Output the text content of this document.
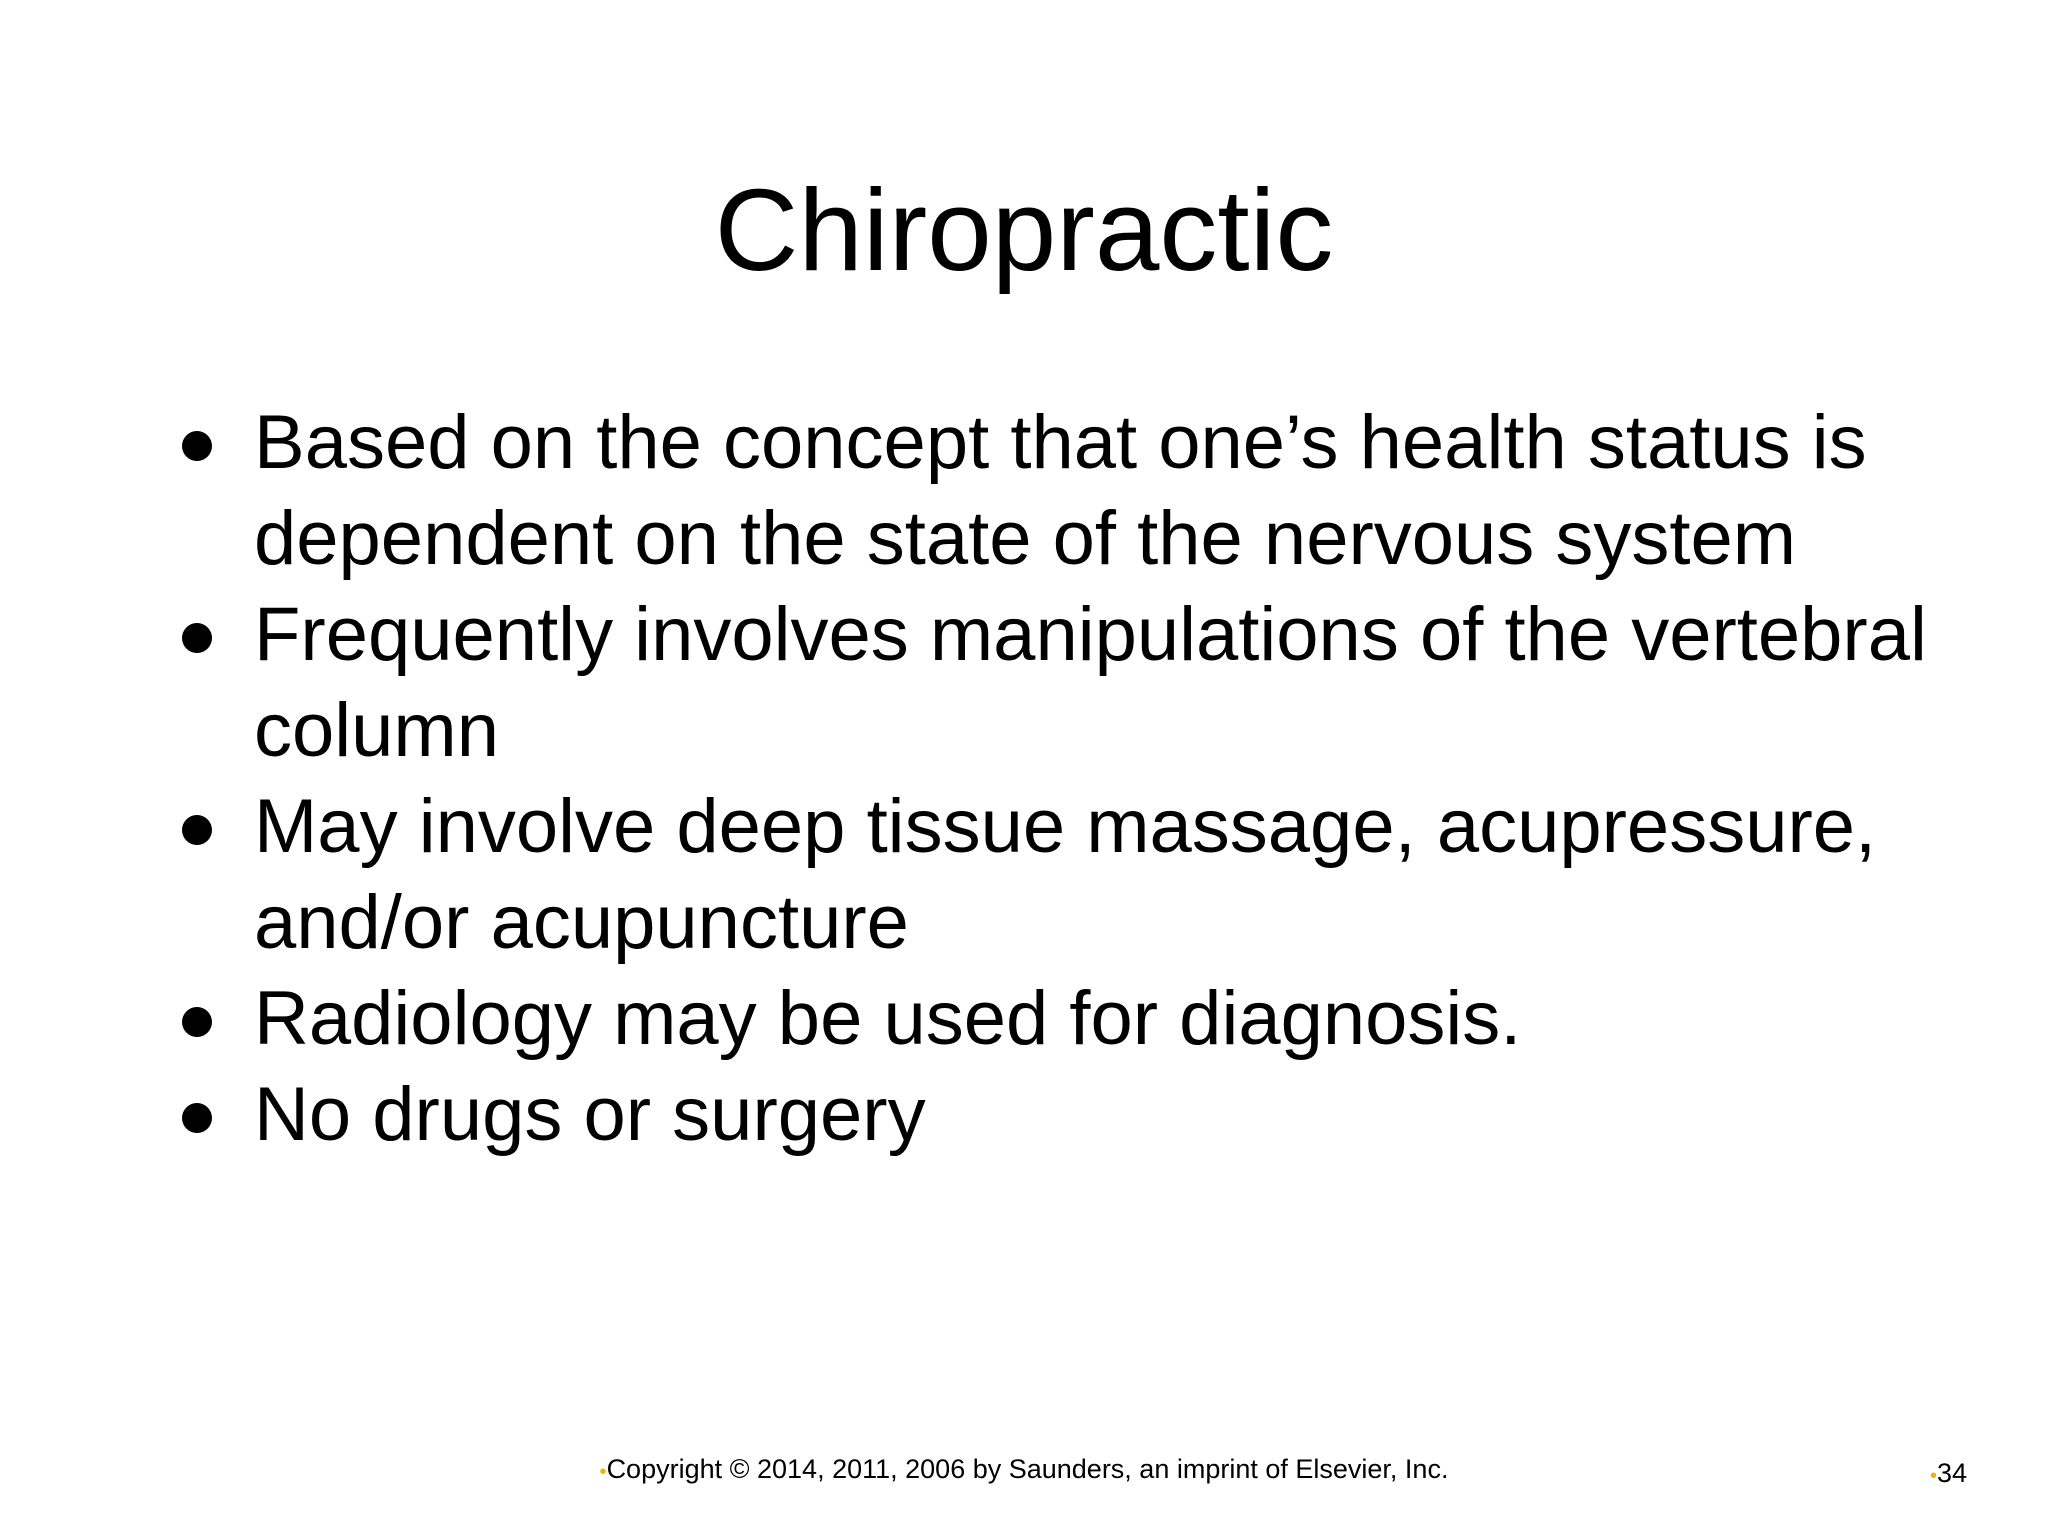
Chiropractic
Based on the concept that one’s health status is dependent on the state of the nervous system
Frequently involves manipulations of the vertebral column
May involve deep tissue massage, acupressure, and/or acupuncture
Radiology may be used for diagnosis.
No drugs or surgery
•Copyright © 2014, 2011, 2006 by Saunders, an imprint of Elsevier, Inc.	•34
